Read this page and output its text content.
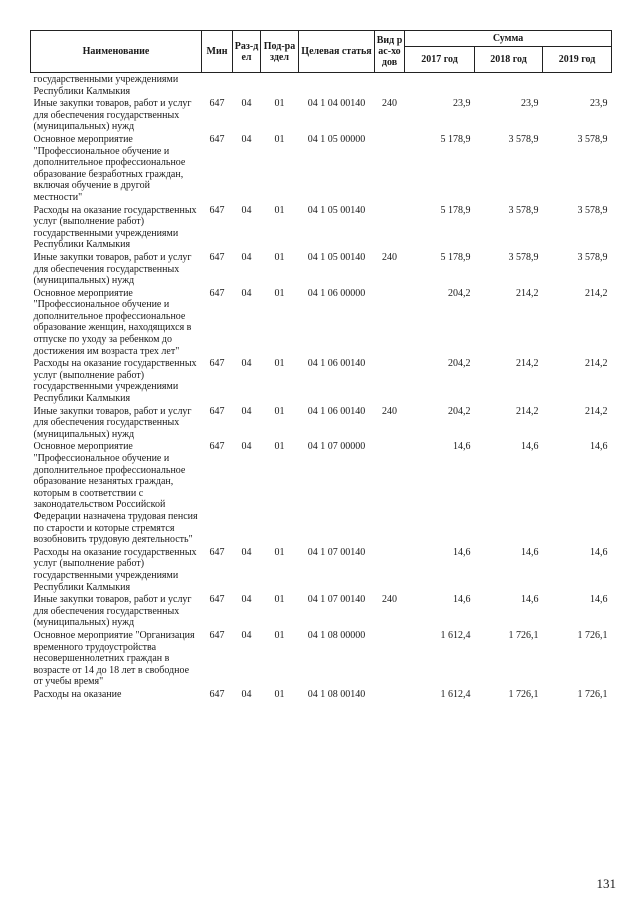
Наименование	Мин	Раз-дел	Под-раздел	Целевая статья	Вид рас-ходов	Сумма		
						2017 год	2018 год	2019 год
государственными учреждениями Республики Калмыкия								
Иные закупки товаров, работ и услуг для обеспечения государственных (муниципальных) нужд	647	04	01	04 1 04 00140	240	23,9	23,9	23,9
Основное мероприятие "Профессиональное обучение и дополнительное профессиональное образование безработных граждан, включая обучение в другой местности"	647	04	01	04 1 05 00000		5 178,9	3 578,9	3 578,9
Расходы на оказание государственных услуг (выполнение работ) государственными учреждениями Республики Калмыкия	647	04	01	04 1 05 00140		5 178,9	3 578,9	3 578,9
Иные закупки товаров, работ и услуг для обеспечения государственных (муниципальных) нужд	647	04	01	04 1 05 00140	240	5 178,9	3 578,9	3 578,9
Основное мероприятие "Профессиональное обучение и дополнительное профессиональное образование женщин, находящихся в отпуске по уходу за ребенком до достижения им возраста трех лет"	647	04	01	04 1 06 00000		204,2	214,2	214,2
Расходы на оказание государственных услуг (выполнение работ) государственными учреждениями Республики Калмыкия	647	04	01	04 1 06 00140		204,2	214,2	214,2
Иные закупки товаров, работ и услуг для обеспечения государственных (муниципальных) нужд	647	04	01	04 1 06 00140	240	204,2	214,2	214,2
Основное мероприятие "Профессиональное обучение и дополнительное профессиональное образование незанятых граждан, которым в соответствии с законодательством Российской Федерации назначена трудовая пенсия по старости и которые стремятся возобновить трудовую деятельность"	647	04	01	04 1 07 00000		14,6	14,6	14,6
Расходы на оказание государственных услуг (выполнение работ) государственными учреждениями Республики Калмыкия	647	04	01	04 1 07 00140		14,6	14,6	14,6
Иные закупки товаров, работ и услуг для обеспечения государственных (муниципальных) нужд	647	04	01	04 1 07 00140	240	14,6	14,6	14,6
Основное мероприятие "Организация временного трудоустройства несовершеннолетних граждан в возрасте от 14 до 18 лет в свободное от учебы время"	647	04	01	04 1 08 00000		1 612,4	1 726,1	1 726,1
Расходы на оказание	647	04	01	04 1 08 00140		1 612,4	1 726,1	1 726,1
131
